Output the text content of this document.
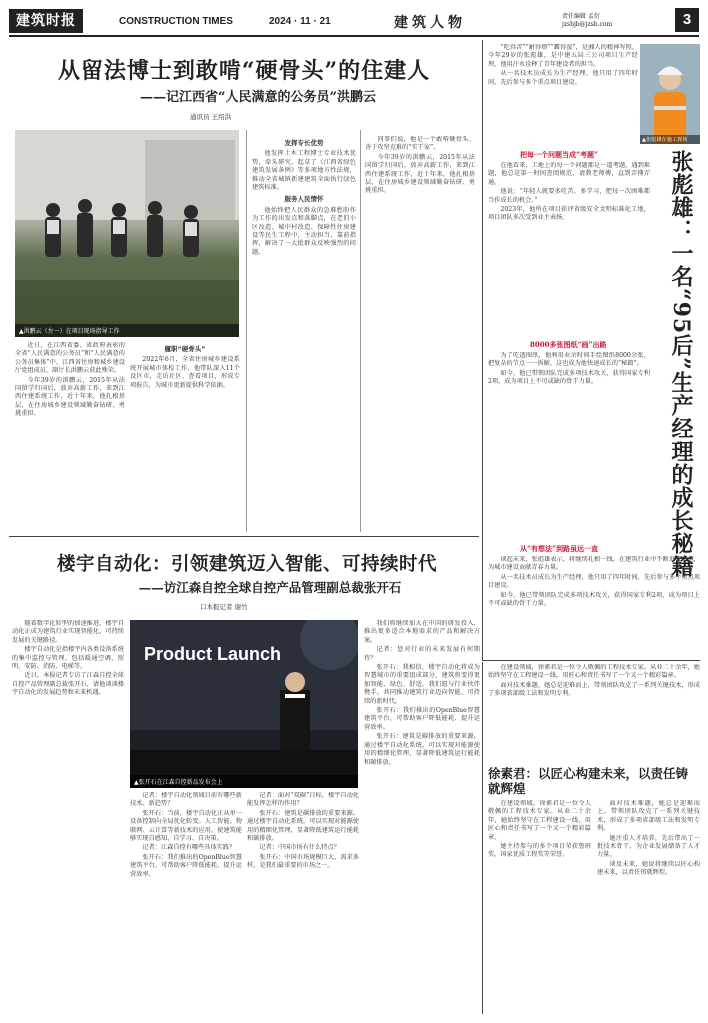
建筑时报	CONSTRUCTION TIMES	2024 · 11 · 21	建筑人物	责任编辑 孟衍
jzsbjb@jzsb.com	3
从留法博士到敢啃“硬骨头”的住建人
——记江西省“人民满意的公务员”洪鹏云
通讯员 王绍洪
▲洪鹏云（左一）在项目现场指导工作

近日，在江西省委、省政府表彰的全省“人民满意的公务员”和“人民满意的公务员集体”中，江西省住房和城乡建设厅党组成员、副厅长洪鹏云获此殊荣。

今年39岁的洪鹏云，2015年从法国留学归国后，放弃高薪工作，来到江西住建系统工作，近十年来，他扎根基层，在住房城乡建设领域勤奋钻研、勇挑重担。

履职“硬骨头”

2022年6月，全省住房城乡建设系统开展城市体检工作，他带队深入11个设区市，走访社区、查看项目，形成专项报告，为城市更新提供科学依据。

发挥专长优势

他发挥土木工程博士专业技术优势，牵头研究、起草了《江西省绿色建筑发展条例》等多项地方性法规，推动全省城镇新建建筑全面执行绿色建筑标准。

服务人民情怀

他始终把人民群众的急难愁盼作为工作的出发点和落脚点，在老旧小区改造、城中村改造、保障性住房建设等民生工程中，主动担当、靠前指挥，解决了一大批群众反映强烈的问题。

同事们说，他是一个敢啃硬骨头、善于攻坚克难的“实干家”。

今年39岁的洪鹏云，2015年从法国留学归国后，放弃高薪工作，来到江西住建系统工作，近十年来，他扎根基层，在住房城乡建设领域勤奋钻研、勇挑重担。

“吃得苦”“耐得烦”“霸得蛮”，是湘人的精神写照。今年29岁的张彪雄，是中建五局三公司项目生产经理，他用汗水诠释了青年建设者的担当。

从一名技术员成长为生产经理，他只用了四年时间，先后参与多个重点项目建设。

▲张彪雄在施工现场
把每一个问题当成“考题”

在他看来，工地上的每一个问题都是一道考题。遇到难题，他总是第一时间查阅规范、请教老师傅，直到弄懂弄通。

他说：“年轻人就要多吃苦、多学习，把每一次困难都当作成长的机会。”

2023年，他所在项目获评省级安全文明标准化工地，项目团队多次受到业主表扬。	张彪雄：一名“95后”生产经理的成长秘籍
8000多张图纸“画”出路

为了吃透图纸，他利用业余时间手绘图纸8000余张，把复杂的节点一一拆解，这也成为他快速成长的“秘籍”。

如今，他已带领团队完成多项技术攻关，获得国家专利2项，成为项目上不可或缺的骨干力量。

从“有想法”到路虽远一直

谈起未来，张彪雄表示，将继续扎根一线，在建筑行业中不断追求卓越，为城市建设贡献青春力量。

从一名技术员成长为生产经理，他只用了四年时间，先后参与多个重点项目建设。

如今，他已带领团队完成多项技术攻关，获得国家专利2项，成为项目上不可或缺的骨干力量。

楼宇自动化：引领建筑迈入智能、可持续时代
——访江森自控全球自控产品管理副总裁张开石
口本报记者 谢竹

随着数字化转型的加速推进，楼宇自动化正成为建筑行业实现智能化、可持续发展的关键路径。

楼宇自动化是指楼宇内各类设备系统的集中监控与管理，包括暖通空调、照明、安防、消防、电梯等。

近日，本报记者专访了江森自控全球自控产品管理副总裁张开石，请他谈谈楼宇自动化的发展趋势和未来机遇。

Product Launch
▲张开石在江森自控新品发布会上

记者：楼宇自动化领域目前有哪些新技术、新趋势？

张开石：当前，楼宇自动化正从单一设备控制向全局优化转变。人工智能、物联网、云计算等新技术的应用，使建筑能够实现自感知、自学习、自决策。

记者：江森自控有哪些具体实践？

张开石：我们推出的OpenBlue智慧建筑平台，可帮助客户降低能耗、提升运营效率。

记者：面对“双碳”目标，楼宇自动化能发挥怎样的作用？

张开石：建筑是碳排放的重要来源。通过楼宇自动化系统，可以实现对能源使用的精细化管理，显著降低建筑运行能耗和碳排放。

记者：中国市场有什么特点？

张开石：中国市场规模巨大，需求多样，是我们最重要的市场之一。

我们将继续加大在中国的研发投入，推出更多适合本地需求的产品和解决方案。

记者：您对行业的未来发展有何期待？

张开石：我相信，楼宇自动化将成为智慧城市的重要组成部分，建筑将变得更加智能、绿色、舒适。我们愿与行业伙伴携手，共同推动建筑行业迈向智能、可持续的新时代。

张开石：我们推出的OpenBlue智慧建筑平台，可帮助客户降低能耗、提升运营效率。

张开石：建筑是碳排放的重要来源。通过楼宇自动化系统，可以实现对能源使用的精细化管理，显著降低建筑运行能耗和碳排放。

在建设领域，徐素君是一位令人敬佩的工程技术专家。从业二十余年，她始终坚守在工程建设一线，用匠心和责任书写了一个又一个精彩篇章。

面对技术难题，她总是迎难而上，带领团队攻克了一系列关键技术，形成了多项省部级工法和发明专利。

徐素君：以匠心构建未来，以责任铸就辉煌

在建设领域，徐素君是一位令人敬佩的工程技术专家。从业二十余年，她始终坚守在工程建设一线，用匠心和责任书写了一个又一个精彩篇章。

她主持参与的多个项目荣获鲁班奖、国家优质工程奖等荣誉。

面对技术难题，她总是迎难而上，带领团队攻克了一系列关键技术，形成了多项省部级工法和发明专利。

她注重人才培养，先后带出了一批技术骨干，为企业发展储备了人才力量。

谈及未来，她说将继续以匠心构建未来，以责任铸就辉煌。
